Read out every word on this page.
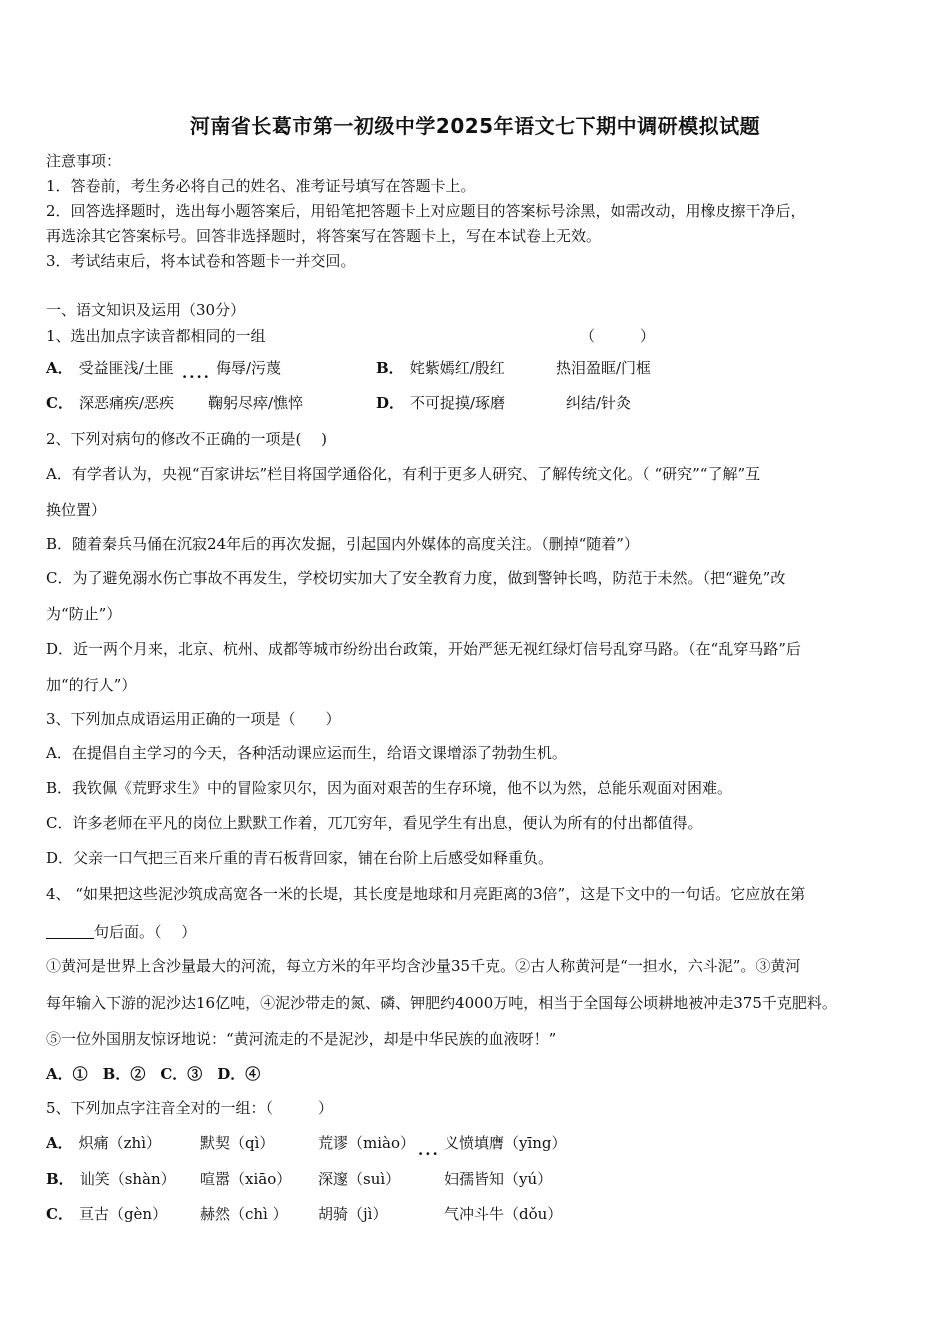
河南省长葛市第一初级中学2025年语文七下期中调研模拟试题
注意事项：
1．答卷前，考生务必将自己的姓名、准考证号填写在答题卡上。
2．回答选择题时，选出每小题答案后，用铅笔把答题卡上对应题目的答案标号涂黑，如需改动，用橡皮擦干净后，
再选涂其它答案标号。回答非选择题时，将答案写在答题卡上，写在本试卷上无效。
3．考试结束后，将本试卷和答题卡一并交回。
一、语文知识及运用（30分）
1、选出加点字读音都相同的一组	（　　　）
A． 受益匪浅/土匪 .... 侮辱/污蔑	B． 姹紫嫣红/殷红	热泪盈眶/门框
C． 深恶痛疾/恶疾 鞠躬尽瘁/憔悴	D． 不可捉摸/琢磨	纠结/针灸
2、下列对病句的修改不正确的一项是(　 )
A．有学者认为，央视“百家讲坛”栏目将国学通俗化，有利于更多人研究、了解传统文化。（ “研究”“了解”互
换位置）
B．随着秦兵马俑在沉寂24年后的再次发掘，引起国内外媒体的高度关注。（删掉“随着”）
C．为了避免溺水伤亡事故不再发生，学校切实加大了安全教育力度，做到警钟长鸣，防范于未然。（把“避免”改
为“防止”）
D．近一两个月来，北京、杭州、成都等城市纷纷出台政策，开始严惩无视红绿灯信号乱穿马路。（在“乱穿马路”后
加“的行人”）
3、下列加点成语运用正确的一项是（　　）
A．在提倡自主学习的今天，各种活动课应运而生，给语文课增添了勃勃生机。
B．我钦佩《荒野求生》中的冒险家贝尔，因为面对艰苦的生存环境，他不以为然，总能乐观面对困难。
C．许多老师在平凡的岗位上默默工作着，兀兀穷年，看见学生有出息，便认为所有的付出都值得。
D．父亲一口气把三百来斤重的青石板背回家，铺在台阶上后感受如释重负。
4、 “如果把这些泥沙筑成高宽各一米的长堤，其长度是地球和月亮距离的3倍”，这是下文中的一句话。它应放在第
句后面。（　 ）
①黄河是世界上含沙量最大的河流，每立方米的年平均含沙量35千克。②古人称黄河是“一担水，六斗泥”。③黄河
每年输入下游的泥沙达16亿吨，④泥沙带走的氮、磷、钾肥约4000万吨，相当于全国每公顷耕地被冲走375千克肥料。
⑤一位外国朋友惊讶地说：“黄河流走的不是泥沙，却是中华民族的血液呀！”
A．①　B．②　C．③　D．④
5、下列加点字注音全对的一组：（　　　）
A． 炽痛（zhì）	默契（qì）	荒谬（miào） ... 义愤填膺（yīng）
B． 讪笑（shàn） 喧嚣（xiāo） 深邃（suì）	妇孺皆知（yú）
C． 亘古（gèn） 赫然（chì ） 胡骑（jì）	气冲斗牛（dǒu）
